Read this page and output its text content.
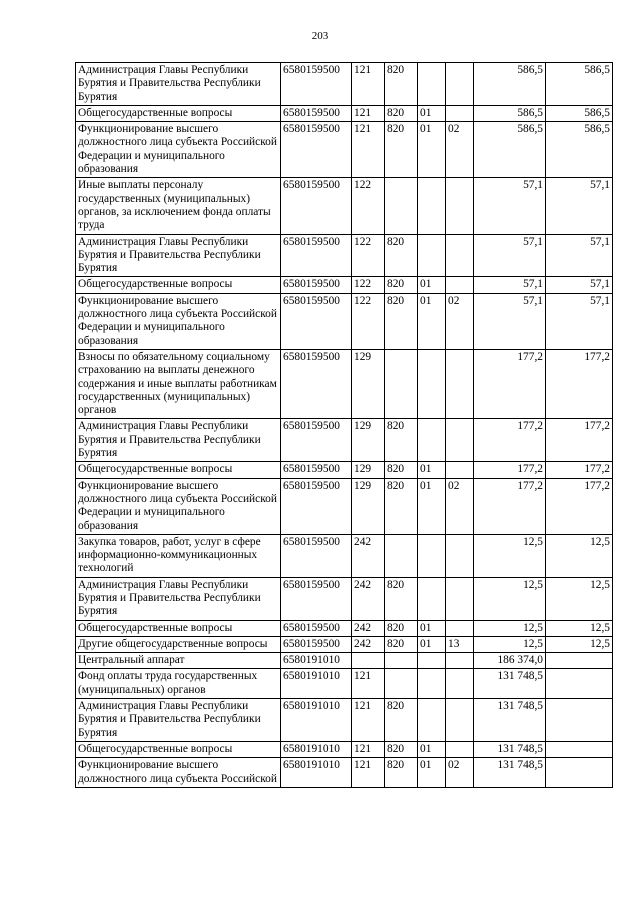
203
Администрация Главы Республики Бурятия и Правительства Республики Бурятия	6580159500	121	820			586,5	586,5
Общегосударственные вопросы	6580159500	121	820	01		586,5	586,5
Функционирование высшего должностного лица субъекта Российской Федерации и муниципального образования	6580159500	121	820	01	02	586,5	586,5
Иные выплаты персоналу государственных (муниципальных) органов, за исключением фонда оплаты труда	6580159500	122				57,1	57,1
Администрация Главы Республики Бурятия и Правительства Республики Бурятия	6580159500	122	820			57,1	57,1
Общегосударственные вопросы	6580159500	122	820	01		57,1	57,1
Функционирование высшего должностного лица субъекта Российской Федерации и муниципального образования	6580159500	122	820	01	02	57,1	57,1
Взносы по обязательному социальному страхованию на выплаты денежного содержания и иные выплаты работникам государственных (муниципальных) органов	6580159500	129				177,2	177,2
Администрация Главы Республики Бурятия и Правительства Республики Бурятия	6580159500	129	820			177,2	177,2
Общегосударственные вопросы	6580159500	129	820	01		177,2	177,2
Функционирование высшего должностного лица субъекта Российской Федерации и муниципального образования	6580159500	129	820	01	02	177,2	177,2
Закупка товаров, работ, услуг в сфере информационно-коммуникационных технологий	6580159500	242				12,5	12,5
Администрация Главы Республики Бурятия и Правительства Республики Бурятия	6580159500	242	820			12,5	12,5
Общегосударственные вопросы	6580159500	242	820	01		12,5	12,5
Другие общегосударственные вопросы	6580159500	242	820	01	13	12,5	12,5
Центральный аппарат	6580191010					186 374,0	
Фонд оплаты труда государственных (муниципальных) органов	6580191010	121				131 748,5	
Администрация Главы Республики Бурятия и Правительства Республики Бурятия	6580191010	121	820			131 748,5	
Общегосударственные вопросы	6580191010	121	820	01		131 748,5	
Функционирование высшего должностного лица субъекта Российской	6580191010	121	820	01	02	131 748,5	
